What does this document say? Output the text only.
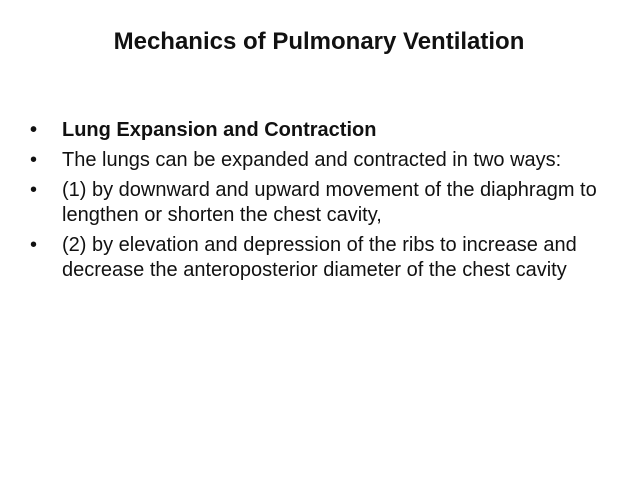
Mechanics of Pulmonary Ventilation
• Lung Expansion and Contraction
• The lungs can be expanded and contracted in two ways:
• (1) by downward and upward movement of the diaphragm to lengthen or shorten the chest cavity,
• (2) by elevation and depression of the ribs to increase and decrease the anteroposterior diameter of the chest cavity
